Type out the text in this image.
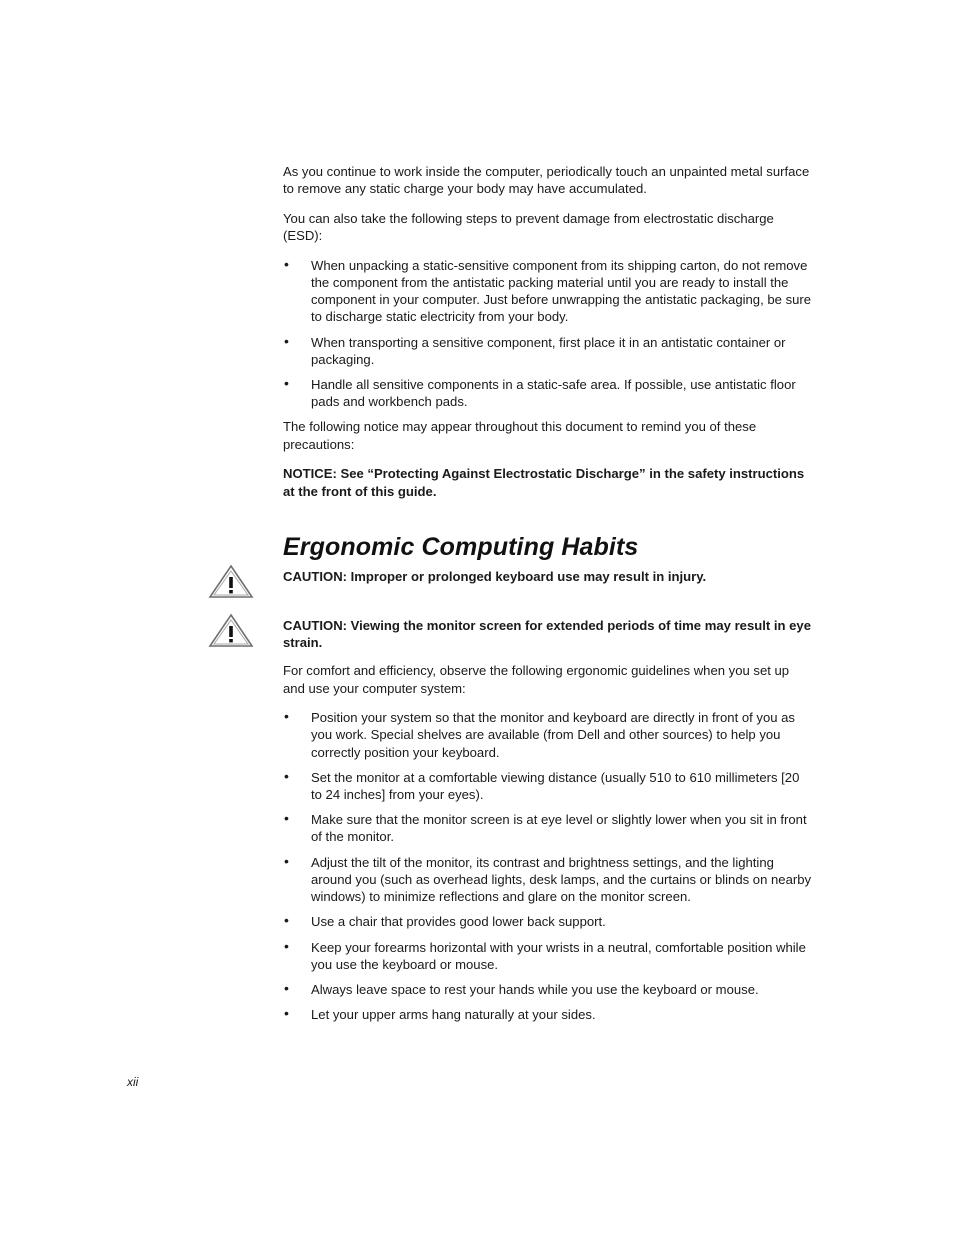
As you continue to work inside the computer, periodically touch an unpainted metal surface to remove any static charge your body may have accumulated.

You can also take the following steps to prevent damage from electrostatic discharge (ESD):

• When unpacking a static-sensitive component from its shipping carton, do not remove the component from the antistatic packing material until you are ready to install the component in your computer. Just before unwrapping the antistatic packaging, be sure to discharge static electricity from your body.
• When transporting a sensitive component, first place it in an antistatic container or packaging.
• Handle all sensitive components in a static-safe area. If possible, use antistatic floor pads and workbench pads.

The following notice may appear throughout this document to remind you of these precautions:

NOTICE: See “Protecting Against Electrostatic Discharge” in the safety instructions at the front of this guide.

Ergonomic Computing Habits
CAUTION: Improper or prolonged keyboard use may result in injury.
CAUTION: Viewing the monitor screen for extended periods of time may result in eye strain.

For comfort and efficiency, observe the following ergonomic guidelines when you set up and use your computer system:

• Position your system so that the monitor and keyboard are directly in front of you as you work. Special shelves are available (from Dell and other sources) to help you correctly position your keyboard.
• Set the monitor at a comfortable viewing distance (usually 510 to 610 millimeters [20 to 24 inches] from your eyes).
• Make sure that the monitor screen is at eye level or slightly lower when you sit in front of the monitor.
• Adjust the tilt of the monitor, its contrast and brightness settings, and the lighting around you (such as overhead lights, desk lamps, and the curtains or blinds on nearby windows) to minimize reflections and glare on the monitor screen.
• Use a chair that provides good lower back support.
• Keep your forearms horizontal with your wrists in a neutral, comfortable position while you use the keyboard or mouse.
• Always leave space to rest your hands while you use the keyboard or mouse.
• Let your upper arms hang naturally at your sides.
xii
